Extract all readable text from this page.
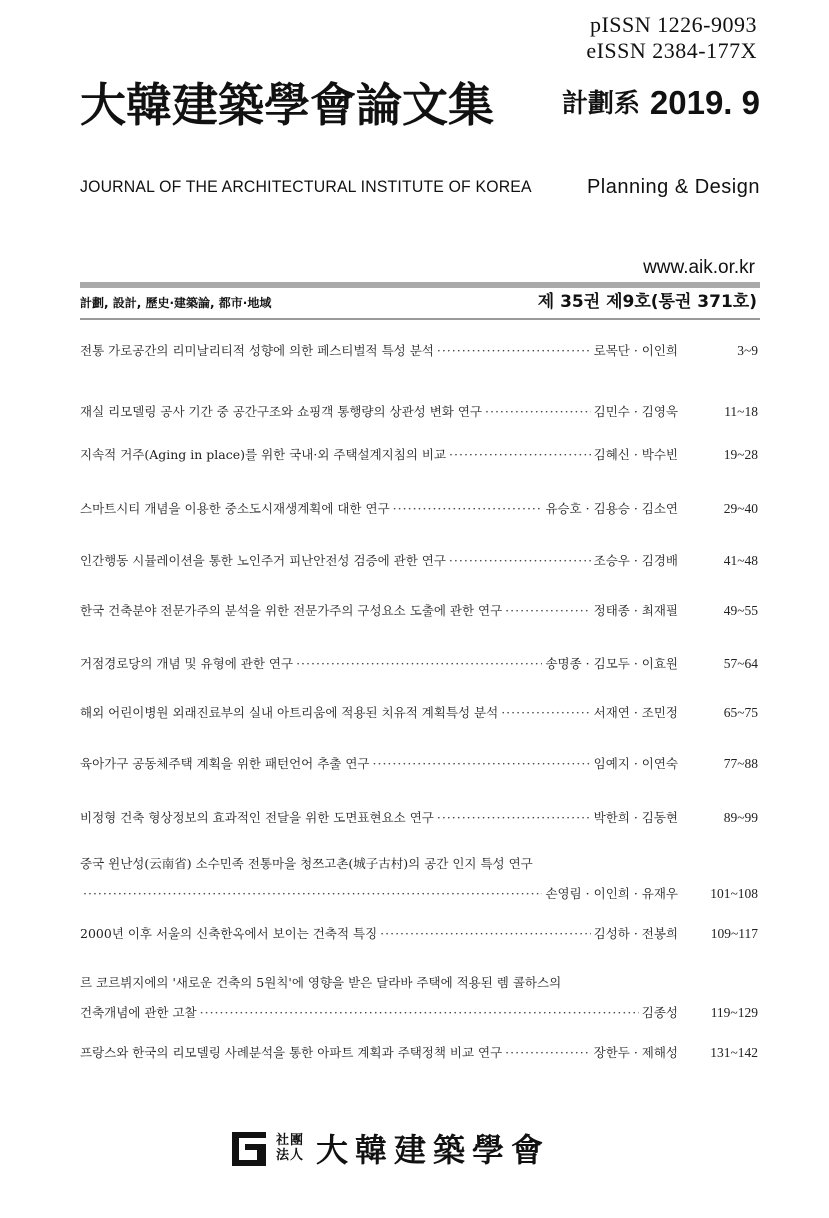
pISSN 1226-9093
eISSN 2384-177X
大韓建築學會論文集	計劃系 2019. 9
JOURNAL OF THE ARCHITECTURAL INSTITUTE OF KOREA	Planning & Design
www.aik.or.kr
計劃, 設計, 歷史·建築論, 都市·地域	제 35권 제9호(통권 371호)
전통 가로공간의 리미날리티적 성향에 의한 페스티벌적 특성 분석 ·····	로목단 · 이인희	3~9
재실 리모델링 공사 기간 중 공간구조와 쇼핑객 통행량의 상관성 변화 연구 ·····	김민수 · 김영욱	11~18
지속적 거주(Aging in place)를 위한 국내·외 주택설계지침의 비교 ·····	김혜신 · 박수빈	19~28
스마트시티 개념을 이용한 중소도시재생계획에 대한 연구 ·····	유승호 · 김용승 · 김소연	29~40
인간행동 시뮬레이션을 통한 노인주거 피난안전성 검증에 관한 연구 ·····	조승우 · 김경배	41~48
한국 건축분야 전문가주의 분석을 위한 전문가주의 구성요소 도출에 관한 연구 ·····	정태종 · 최재필	49~55
거점경로당의 개념 및 유형에 관한 연구 ·····	송명종 · 김모두 · 이효원	57~64
해외 어린이병원 외래진료부의 실내 아트리움에 적용된 치유적 계획특성 분석 ·····	서재연 · 조민정	65~75
육아가구 공동체주택 계획을 위한 패턴언어 추출 연구 ·····	임예지 · 이연숙	77~88
비정형 건축 형상정보의 효과적인 전달을 위한 도면표현요소 연구 ·····	박한희 · 김동현	89~99
중국 윈난성(云南省) 소수민족 전통마을 청쯔고촌(城子古村)의 공간 인지 특성 연구
·····
손영림 · 이인희 · 유재우	101~108
2000년 이후 서울의 신축한옥에서 보이는 건축적 특징 ·····	김성하 · 전봉희	109~117
르 코르뷔지에의 '새로운 건축의 5원칙'에 영향을 받은 달라바 주택에 적용된 렘 콜하스의
건축개념에 관한 고찰 ·····	김종성	119~129
프랑스와 한국의 리모델링 사례분석을 통한 아파트 계획과 주택정책 비교 연구 ·····	장한두 · 제해성	131~142
社團
法人 大韓建築學會
